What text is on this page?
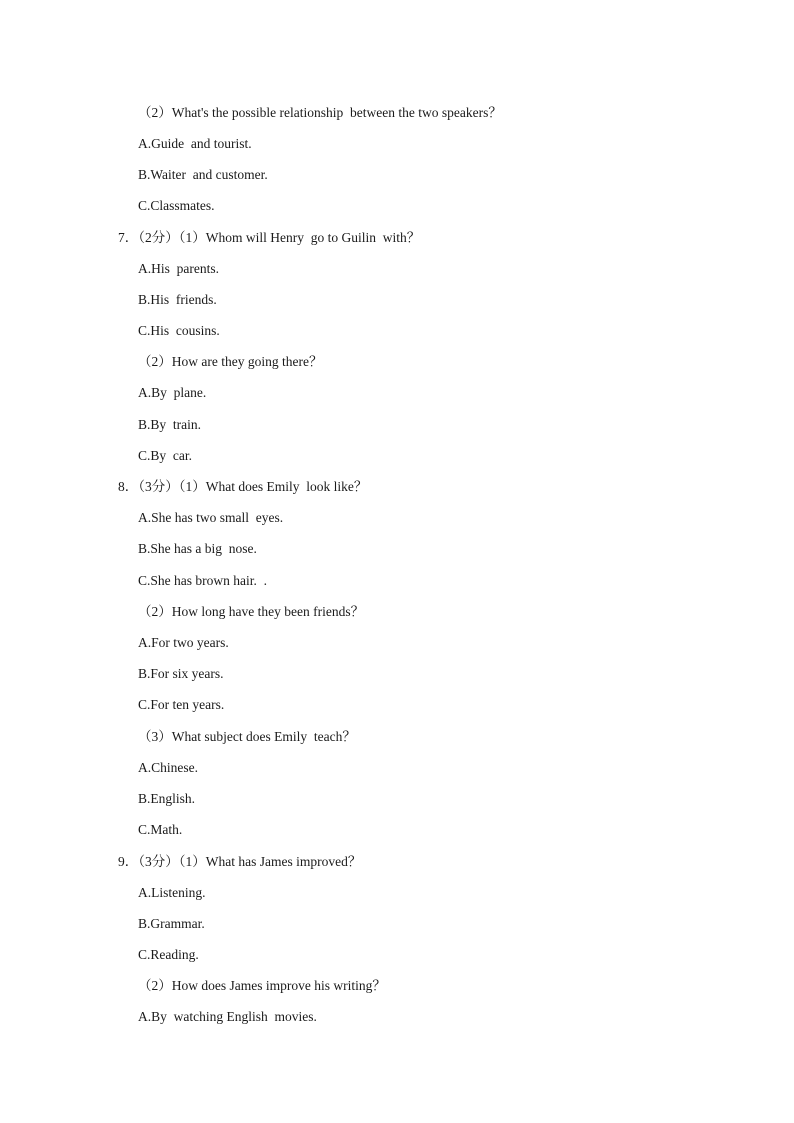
（2）What's the possible relationship  between the two speakers？
A.Guide  and tourist.
B.Waiter  and customer.
C.Classmates.
7．（2分）（1）Whom will Henry  go to Guilin  with？
A.His  parents.
B.His  friends.
C.His  cousins.
（2）How are they going there？
A.By  plane.
B.By  train.
C.By  car.
8．（3分）（1）What does Emily  look like？
A.She has two small  eyes.
B.She has a big  nose.
C.She has brown hair.  .
（2）How long have they been friends？
A.For two years.
B.For six years.
C.For ten years.
（3）What subject does Emily  teach？
A.Chinese.
B.English.
C.Math.
9．（3分）（1）What has James improved？
A.Listening.
B.Grammar.
C.Reading.
（2）How does James improve his writing？
A.By  watching English  movies.
